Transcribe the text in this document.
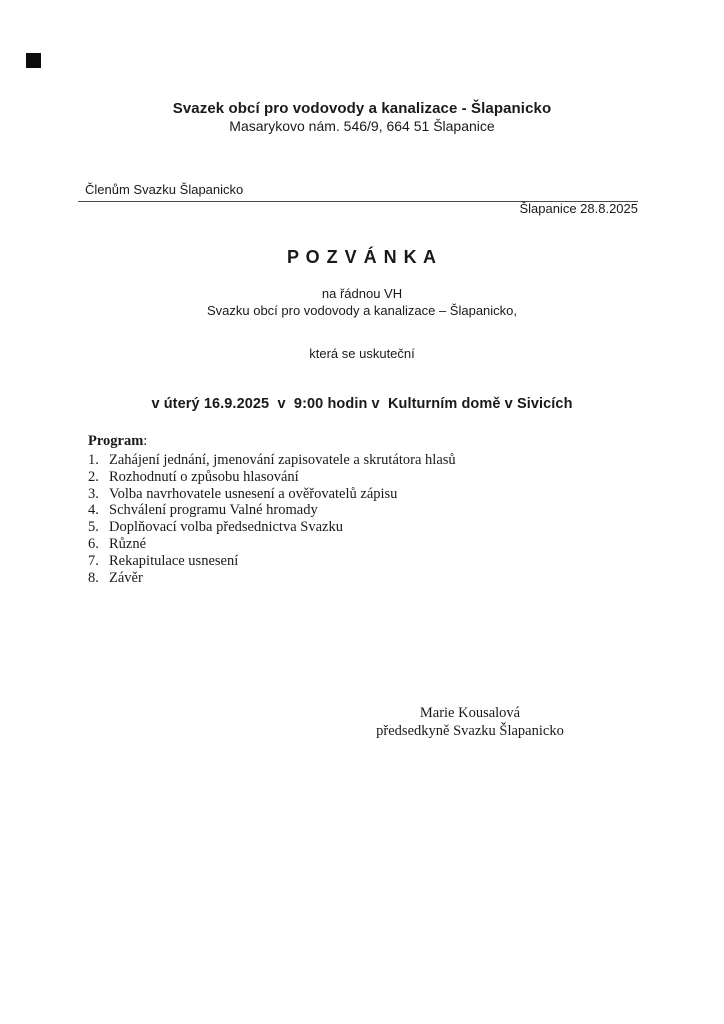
Svazek obcí pro vodovody a kanalizace - Šlapanicko
Masarykovo nám. 546/9, 664 51 Šlapanice
Členům Svazku Šlapanicko
Šlapanice 28.8.2025
P O Z V Á N K A
na řádnou VH
Svazku obcí pro vodovody a kanalizace – Šlapanicko,
která se uskuteční
v úterý 16.9.2025  v  9:00 hodin v  Kulturním domě v Sivicích
Program:
1. Zahájení jednání, jmenování zapisovatele a skrutátora hlasů
2. Rozhodnutí o způsobu hlasování
3. Volba navrhovatele usnesení a ověřovatelů zápisu
4. Schválení programu Valné hromady
5. Doplňovací volba předsednictva Svazku
6. Různé
7. Rekapitulace usnesení
8. Závěr
Marie Kousalová
předsedkyně Svazku Šlapanicko
